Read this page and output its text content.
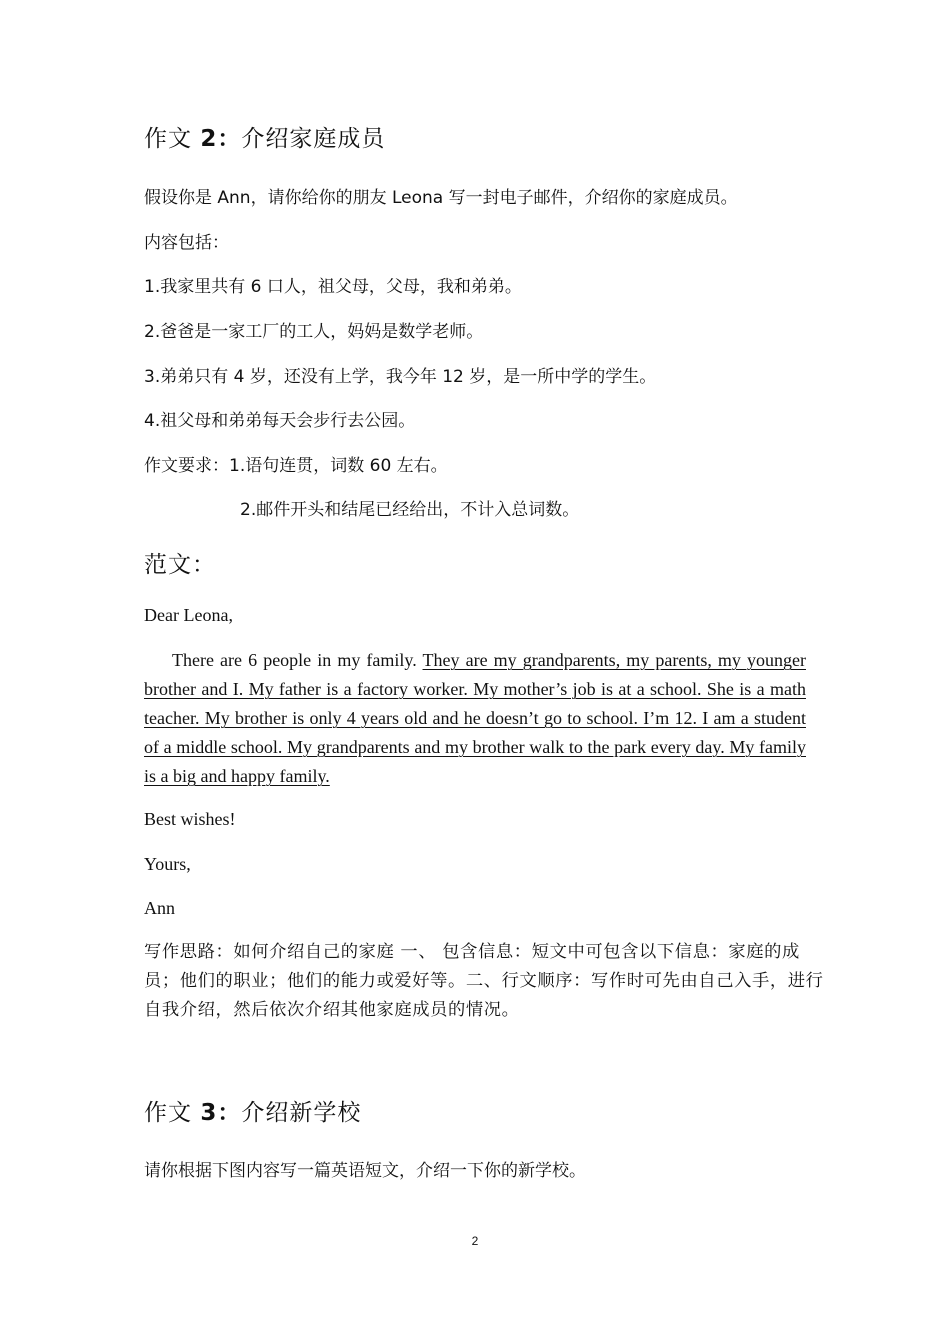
作文 2：介绍家庭成员

假设你是 Ann，请你给你的朋友 Leona 写一封电子邮件，介绍你的家庭成员。

内容包括：

1.我家里共有 6 口人，祖父母，父母，我和弟弟。

2.爸爸是一家工厂的工人，妈妈是数学老师。

3.弟弟只有 4 岁，还没有上学，我今年 12 岁，是一所中学的学生。

4.祖父母和弟弟每天会步行去公园。

作文要求：1.语句连贯，词数 60 左右。

2.邮件开头和结尾已经给出，不计入总词数。

范文：

Dear Leona,

There are 6 people in my family. They are my grandparents, my parents, my younger brother and I. My father is a factory worker. My mother’s job is at a school. She is a math teacher. My brother is only 4 years old and he doesn’t go to school. I’m 12. I am a student of a middle school. My grandparents and my brother walk to the park every day. My family is a big and happy family.

Best wishes!

Yours,

Ann

写作思路：如何介绍自己的家庭 一、 包含信息：短文中可包含以下信息：家庭的成员；他们的职业；他们的能力或爱好等。二、行文顺序：写作时可先由自己入手，进行自我介绍，然后依次介绍其他家庭成员的情况。

作文 3：介绍新学校

请你根据下图内容写一篇英语短文，介绍一下你的新学校。

2
